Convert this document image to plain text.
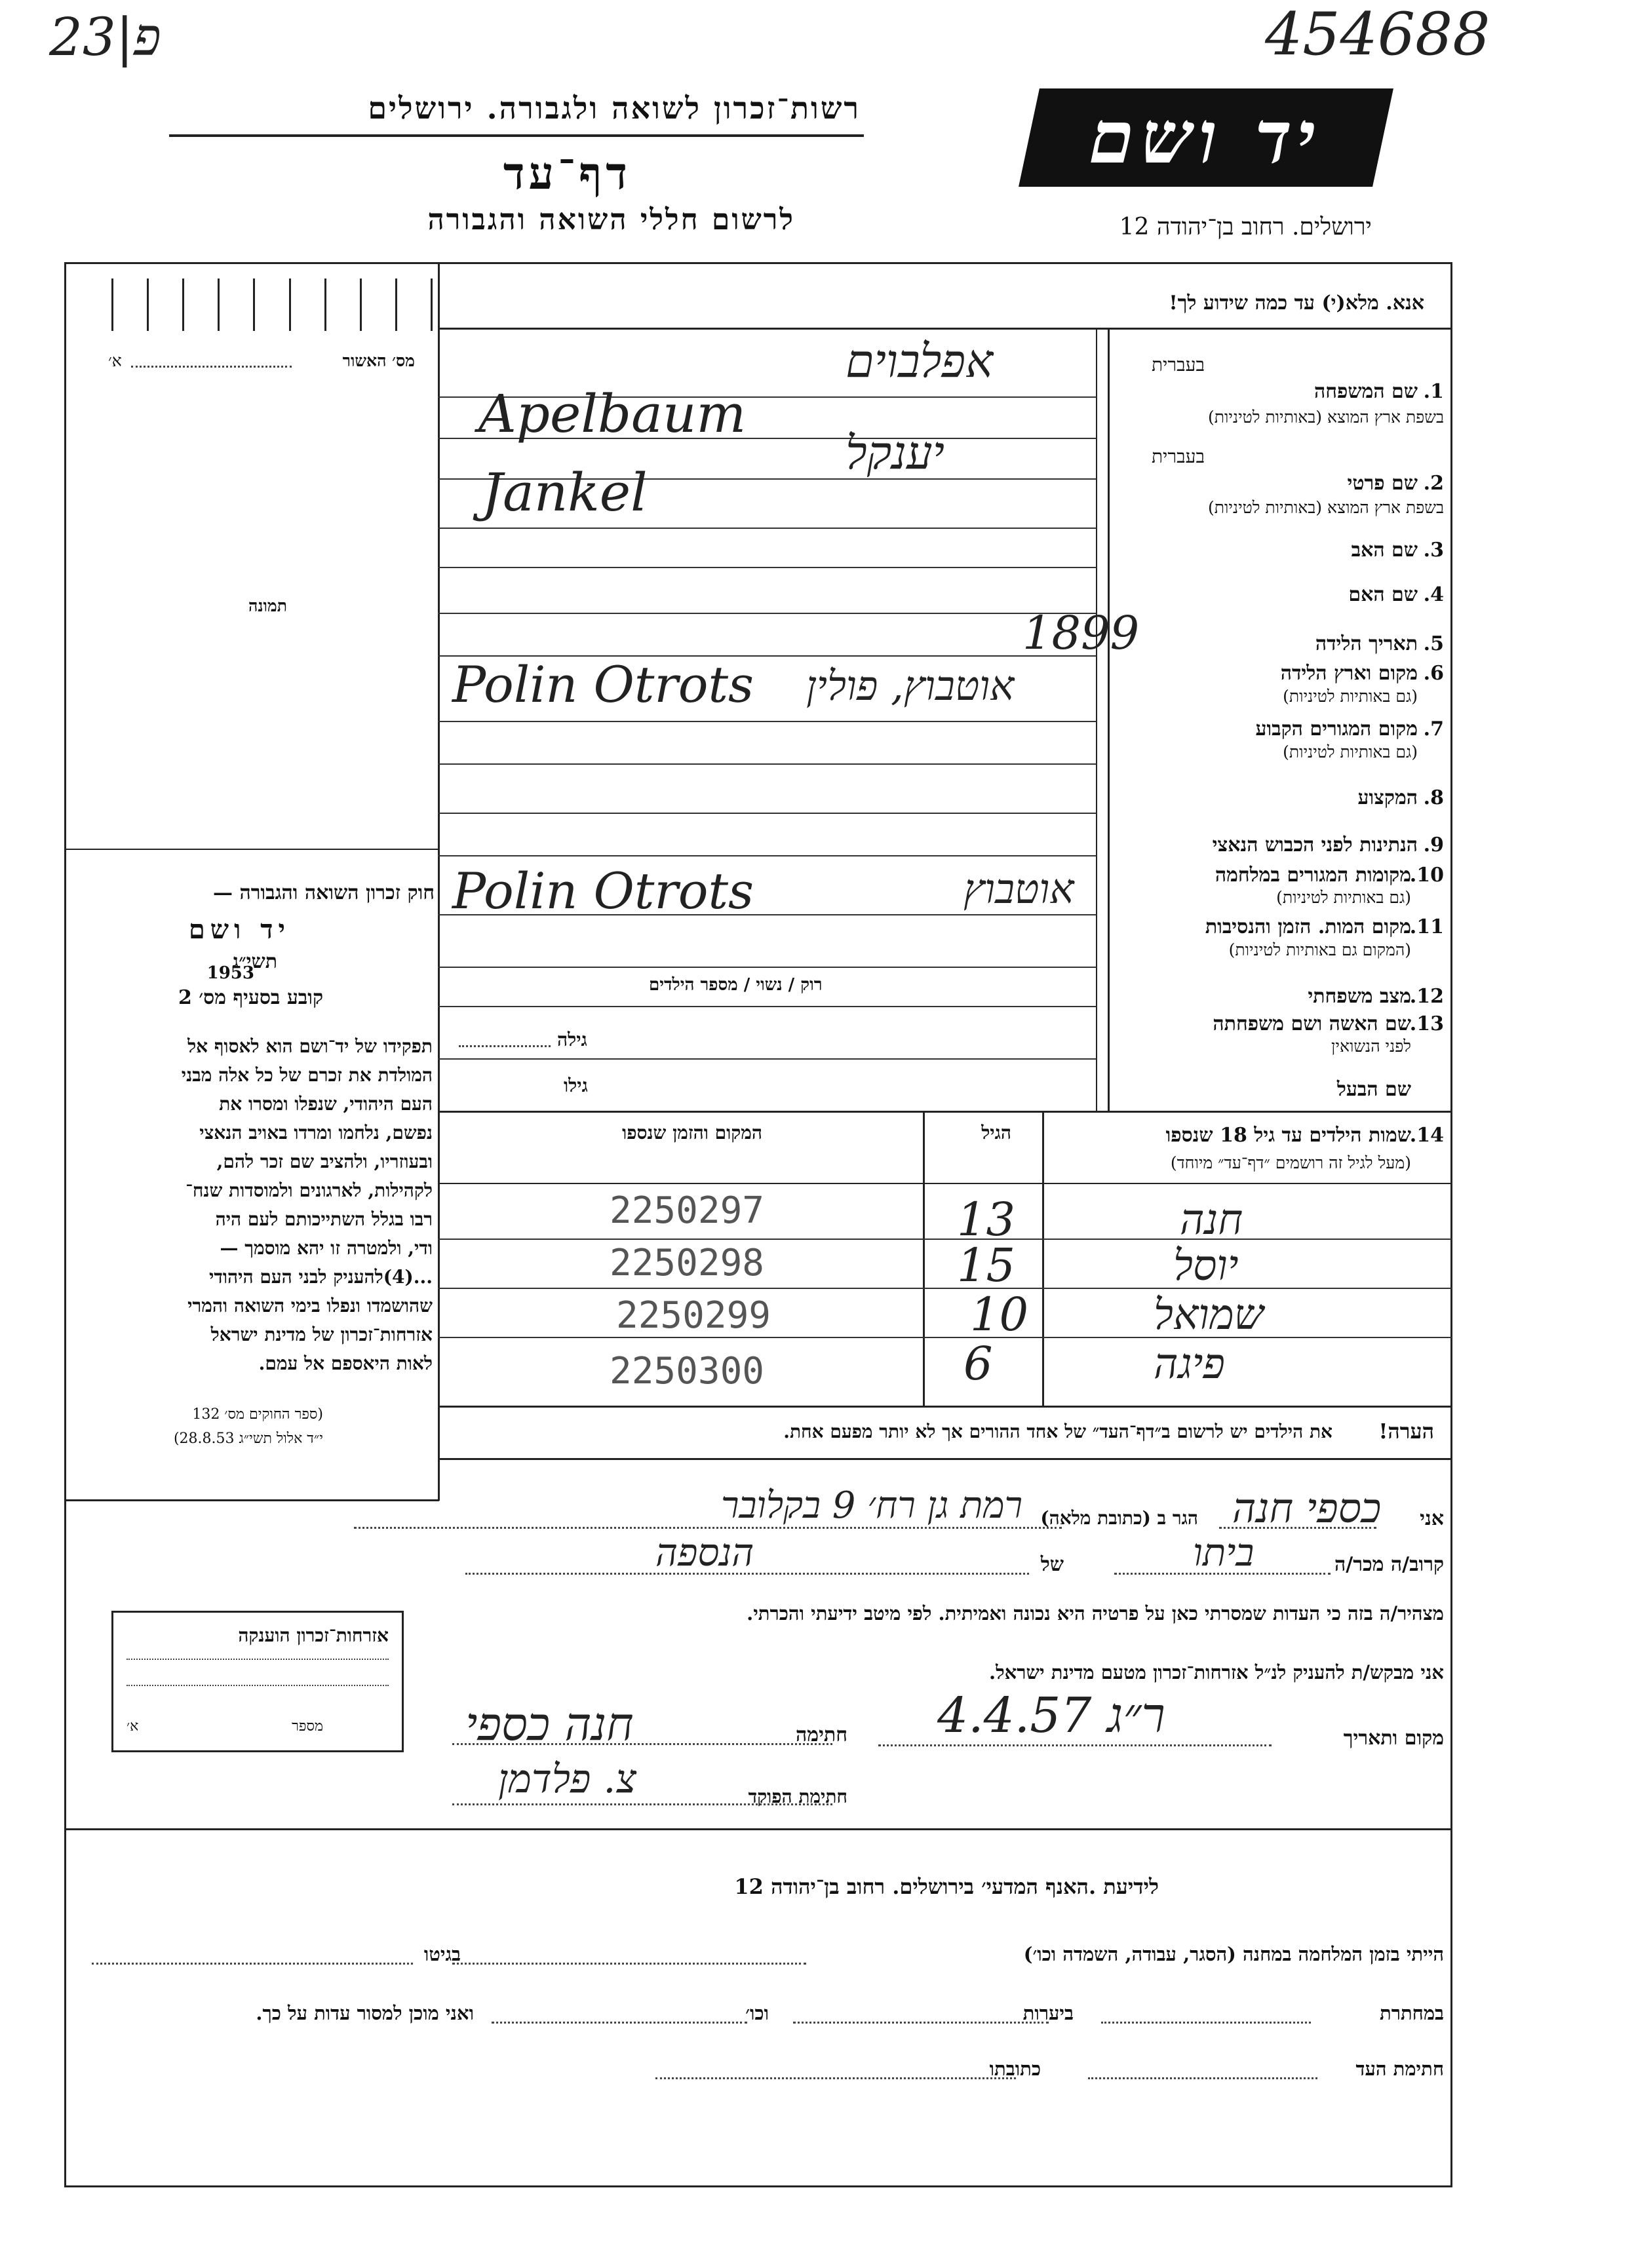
23|פ	454688
רשות־זכרון לשואה ולגבורה. ירושלים
דף־עד
לרשום חללי השואה והגבורה
יד ושם
ירושלים. רחוב בן־יהודה 12
מס׳ האשור
א׳
תמונה
חוק זכרון השואה והגבורה —
יד ושם
תשי״ג
1953
קובע בסעיף מס׳ 2
תפקידו של יד־ושם הוא לאסוף אל
המולדת את זכרם של כל אלה מבני
העם היהודי, שנפלו ומסרו את
נפשם, נלחמו ומרדו באויב הנאצי
ובעוזריו, ולהציב שם זכר להם,
לקהילות, לארגונים ולמוסדות שנח־
רבו בגלל השתייכותם לעם היה
ודי, ולמטרה זו יהא מוסמך —
...(4)להעניק לבני העם היהודי
שהושמדו ונפלו בימי השואה והמרי
אזרחות־זכרון של מדינת ישראל
לאות היאספם אל עמם.
(ספר החוקים מס׳ 132
י״ד אלול תשי״ג 28.8.53)
אנא. מלא(י) עד כמה שידוע לך!
בעברית
1.
שם המשפחה
בשפת ארץ המוצא (באותיות לטיניות)
בעברית
2.
שם פרטי
בשפת ארץ המוצא (באותיות לטיניות)
3.
שם האב
4.
שם האם
5.
תאריך הלידה
6.
מקום וארץ הלידה
(גם באותיות לטיניות)
7.
מקום המגורים הקבוע
(גם באותיות לטיניות)
8.
המקצוע
9.
הנתינות לפני הכבוש הנאצי
10.
מקומות המגורים במלחמה
(גם באותיות לטיניות)
11.
מקום המות. הזמן והנסיבות
(המקום גם באותיות לטיניות)
12.
מצב משפחתי
13.
שם האשה ושם משפחתה
לפני הנשואין
שם הבעל
אפלבוים
Apelbaum
יענקל
Jankel
1899
Polin Otrots אוטבוץ, פולין
Polin Otrots	אוטבוץ
רוק / נשוי / מספר הילדים
גילה
גילו
14.
שמות הילדים עד גיל 18 שנספו
(מעל לגיל זה רושמים ״דף־עד״ מיוחד)
הגיל
המקום והזמן שנספו
חנה
13
2250297
יוסל
15
2250298
שמואל
10
2250299
פיגה
6
2250300
הערה!
את הילדים יש לרשום ב״דף־העד״ של אחד ההורים אך לא יותר מפעם אחת.
אני
כספי חנה
הגר ב (כתובת מלאה)
רמת גן רח׳ 9 בקלובר
קרוב/ה מכר/ה
ביתו
של
הנספה
מצהיר/ה בזה כי העדות שמסרתי כאן על פרטיה היא נכונה ואמיתית. לפי מיטב ידיעתי והכרתי.
אני מבקש/ת להעניק לנ״ל אזרחות־זכרון מטעם מדינת ישראל.
מקום ותאריך
ר״ג 4.4.57
חתימה
חנה כספי
חתימת הפוקד
צ. פלדמן
אזרחות־זכרון הוענקה
מספר
א׳
לידיעת .האנף המדעי׳ בירושלים. רחוב בן־יהודה 12
הייתי בזמן המלחמה במחנה (הסגר, עבודה, השמדה וכו׳)
בגיטו
במחתרת
ביערות
וכו׳
ואני מוכן למסור עדות על כך.
חתימת העד
כתובתו
